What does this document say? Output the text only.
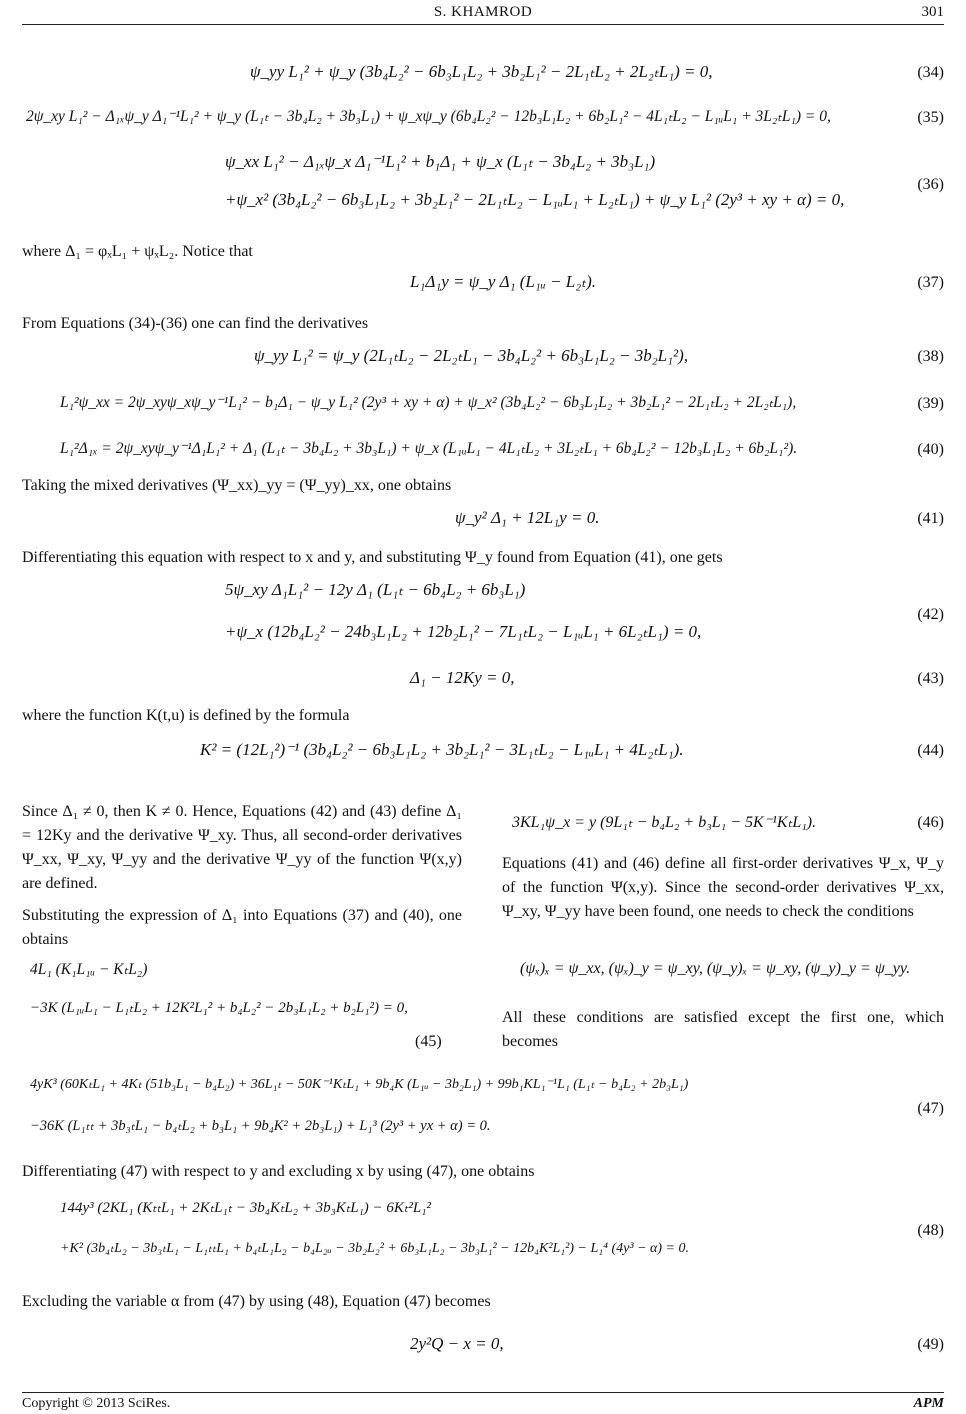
S. KHAMROD	301
ψ_yy L₁² + ψ_y (3b₄L₂² − 6b₃L₁L₂ + 3b₂L₁² − 2L₁ₜL₂ + 2L₂ₜL₁) = 0,	(34)
2ψ_xy L₁² − Δ₁ₓψ_y Δ₁⁻¹L₁² + ψ_y (L₁ₜ − 3b₄L₂ + 3b₃L₁) + ψ_xψ_y (6b₄L₂² − 12b₃L₁L₂ + 6b₂L₁² − 4L₁ₜL₂ − L₁ᵤL₁ + 3L₂ₜL₁) = 0,	(35)
ψ_xx L₁² − Δ₁ₓψ_x Δ₁⁻¹L₁² + b₁Δ₁ + ψ_x (L₁ₜ − 3b₄L₂ + 3b₃L₁)
+ψ_x² (3b₄L₂² − 6b₃L₁L₂ + 3b₂L₁² − 2L₁ₜL₂ − L₁ᵤL₁ + L₂ₜL₁) + ψ_y L₁² (2y³ + xy + α) = 0,
(36)
where Δ₁ = φₓL₁ + ψₓL₂. Notice that
L₁Δ₁y = ψ_y Δ₁ (L₁ᵤ − L₂ₜ).	(37)
From Equations (34)-(36) one can find the derivatives
ψ_yy L₁² = ψ_y (2L₁ₜL₂ − 2L₂ₜL₁ − 3b₄L₂² + 6b₃L₁L₂ − 3b₂L₁²),	(38)
L₁²ψ_xx = 2ψ_xyψ_xψ_y⁻¹L₁² − b₁Δ₁ − ψ_y L₁² (2y³ + xy + α) + ψ_x² (3b₄L₂² − 6b₃L₁L₂ + 3b₂L₁² − 2L₁ₜL₂ + 2L₂ₜL₁),	(39)
L₁²Δ₁ₓ = 2ψ_xyψ_y⁻¹Δ₁L₁² + Δ₁ (L₁ₜ − 3b₄L₂ + 3b₃L₁) + ψ_x (L₁ᵤL₁ − 4L₁ₜL₂ + 3L₂ₜL₁ + 6b₄L₂² − 12b₃L₁L₂ + 6b₂L₁²).	(40)
Taking the mixed derivatives (Ψ_xx)_yy = (Ψ_yy)_xx, one obtains
ψ_y² Δ₁ + 12L₁y = 0.	(41)
Differentiating this equation with respect to x and y, and substituting Ψ_y found from Equation (41), one gets
5ψ_xy Δ₁L₁² − 12y Δ₁ (L₁ₜ − 6b₄L₂ + 6b₃L₁)
+ψ_x (12b₄L₂² − 24b₃L₁L₂ + 12b₂L₁² − 7L₁ₜL₂ − L₁ᵤL₁ + 6L₂ₜL₁) = 0,
(42)
Δ₁ − 12Ky = 0,	(43)
where the function K(t,u) is defined by the formula
K² = (12L₁²)⁻¹ (3b₄L₂² − 6b₃L₁L₂ + 3b₂L₁² − 3L₁ₜL₂ − L₁ᵤL₁ + 4L₂ₜL₁).	(44)
Since Δ₁ ≠ 0, then K ≠ 0. Hence, Equations (42) and (43) define Δ₁ = 12Ky and the derivative Ψ_xy. Thus, all second-order derivatives Ψ_xx, Ψ_xy, Ψ_yy and the derivative Ψ_yy of the function Ψ(x,y) are defined.
Substituting the expression of Δ₁ into Equations (37) and (40), one obtains
4L₁ (K₁L₁ᵤ − KₜL₂)
−3K (L₁ᵤL₁ − L₁ₜL₂ + 12K²L₁² + b₄L₂² − 2b₃L₁L₂ + b₂L₁²) = 0,
(45)
3KL₁ψ_x = y (9L₁ₜ − b₄L₂ + b₃L₁ − 5K⁻¹KₜL₁).	(46)
Equations (41) and (46) define all first-order derivatives Ψ_x, Ψ_y of the function Ψ(x,y). Since the second-order derivatives Ψ_xx, Ψ_xy, Ψ_yy have been found, one needs to check the conditions
(ψₓ)ₓ = ψ_xx, (ψₓ)_y = ψ_xy, (ψ_y)ₓ = ψ_xy, (ψ_y)_y = ψ_yy.
All these conditions are satisfied except the first one, which becomes
4yK³ (60KₜL₁ + 4Kₜ (51b₃L₁ − b₄L₂) + 36L₁ₜ − 50K⁻¹KₜL₁ + 9b₄K (L₁ᵤ − 3b₂L₁) + 99b₁KL₁⁻¹L₁ (L₁ₜ − b₄L₂ + 2b₃L₁)
−36K (L₁ₜₜ + 3b₃ₜL₁ − b₄ₜL₂ + b₃L₁ + 9b₄K² + 2b₃L₁) + L₁³ (2y³ + yx + α) = 0.
(47)
Differentiating (47) with respect to y and excluding x by using (47), one obtains
144y³ (2KL₁ (KₜₜL₁ + 2KₜL₁ₜ − 3b₄KₜL₂ + 3b₃KₜL₁) − 6Kₜ²L₁²
+K² (3b₄ₜL₂ − 3b₃ₜL₁ − L₁ₜₜL₁ + b₄ₜL₁L₂ − b₄L₂ᵤ − 3b₂L₂² + 6b₃L₁L₂ − 3b₃L₁² − 12b₄K²L₁²) − L₁⁴ (4y³ − α) = 0.
(48)
Excluding the variable α from (47) by using (48), Equation (47) becomes
2y²Q − x = 0,	(49)
Copyright © 2013 SciRes.	APM
